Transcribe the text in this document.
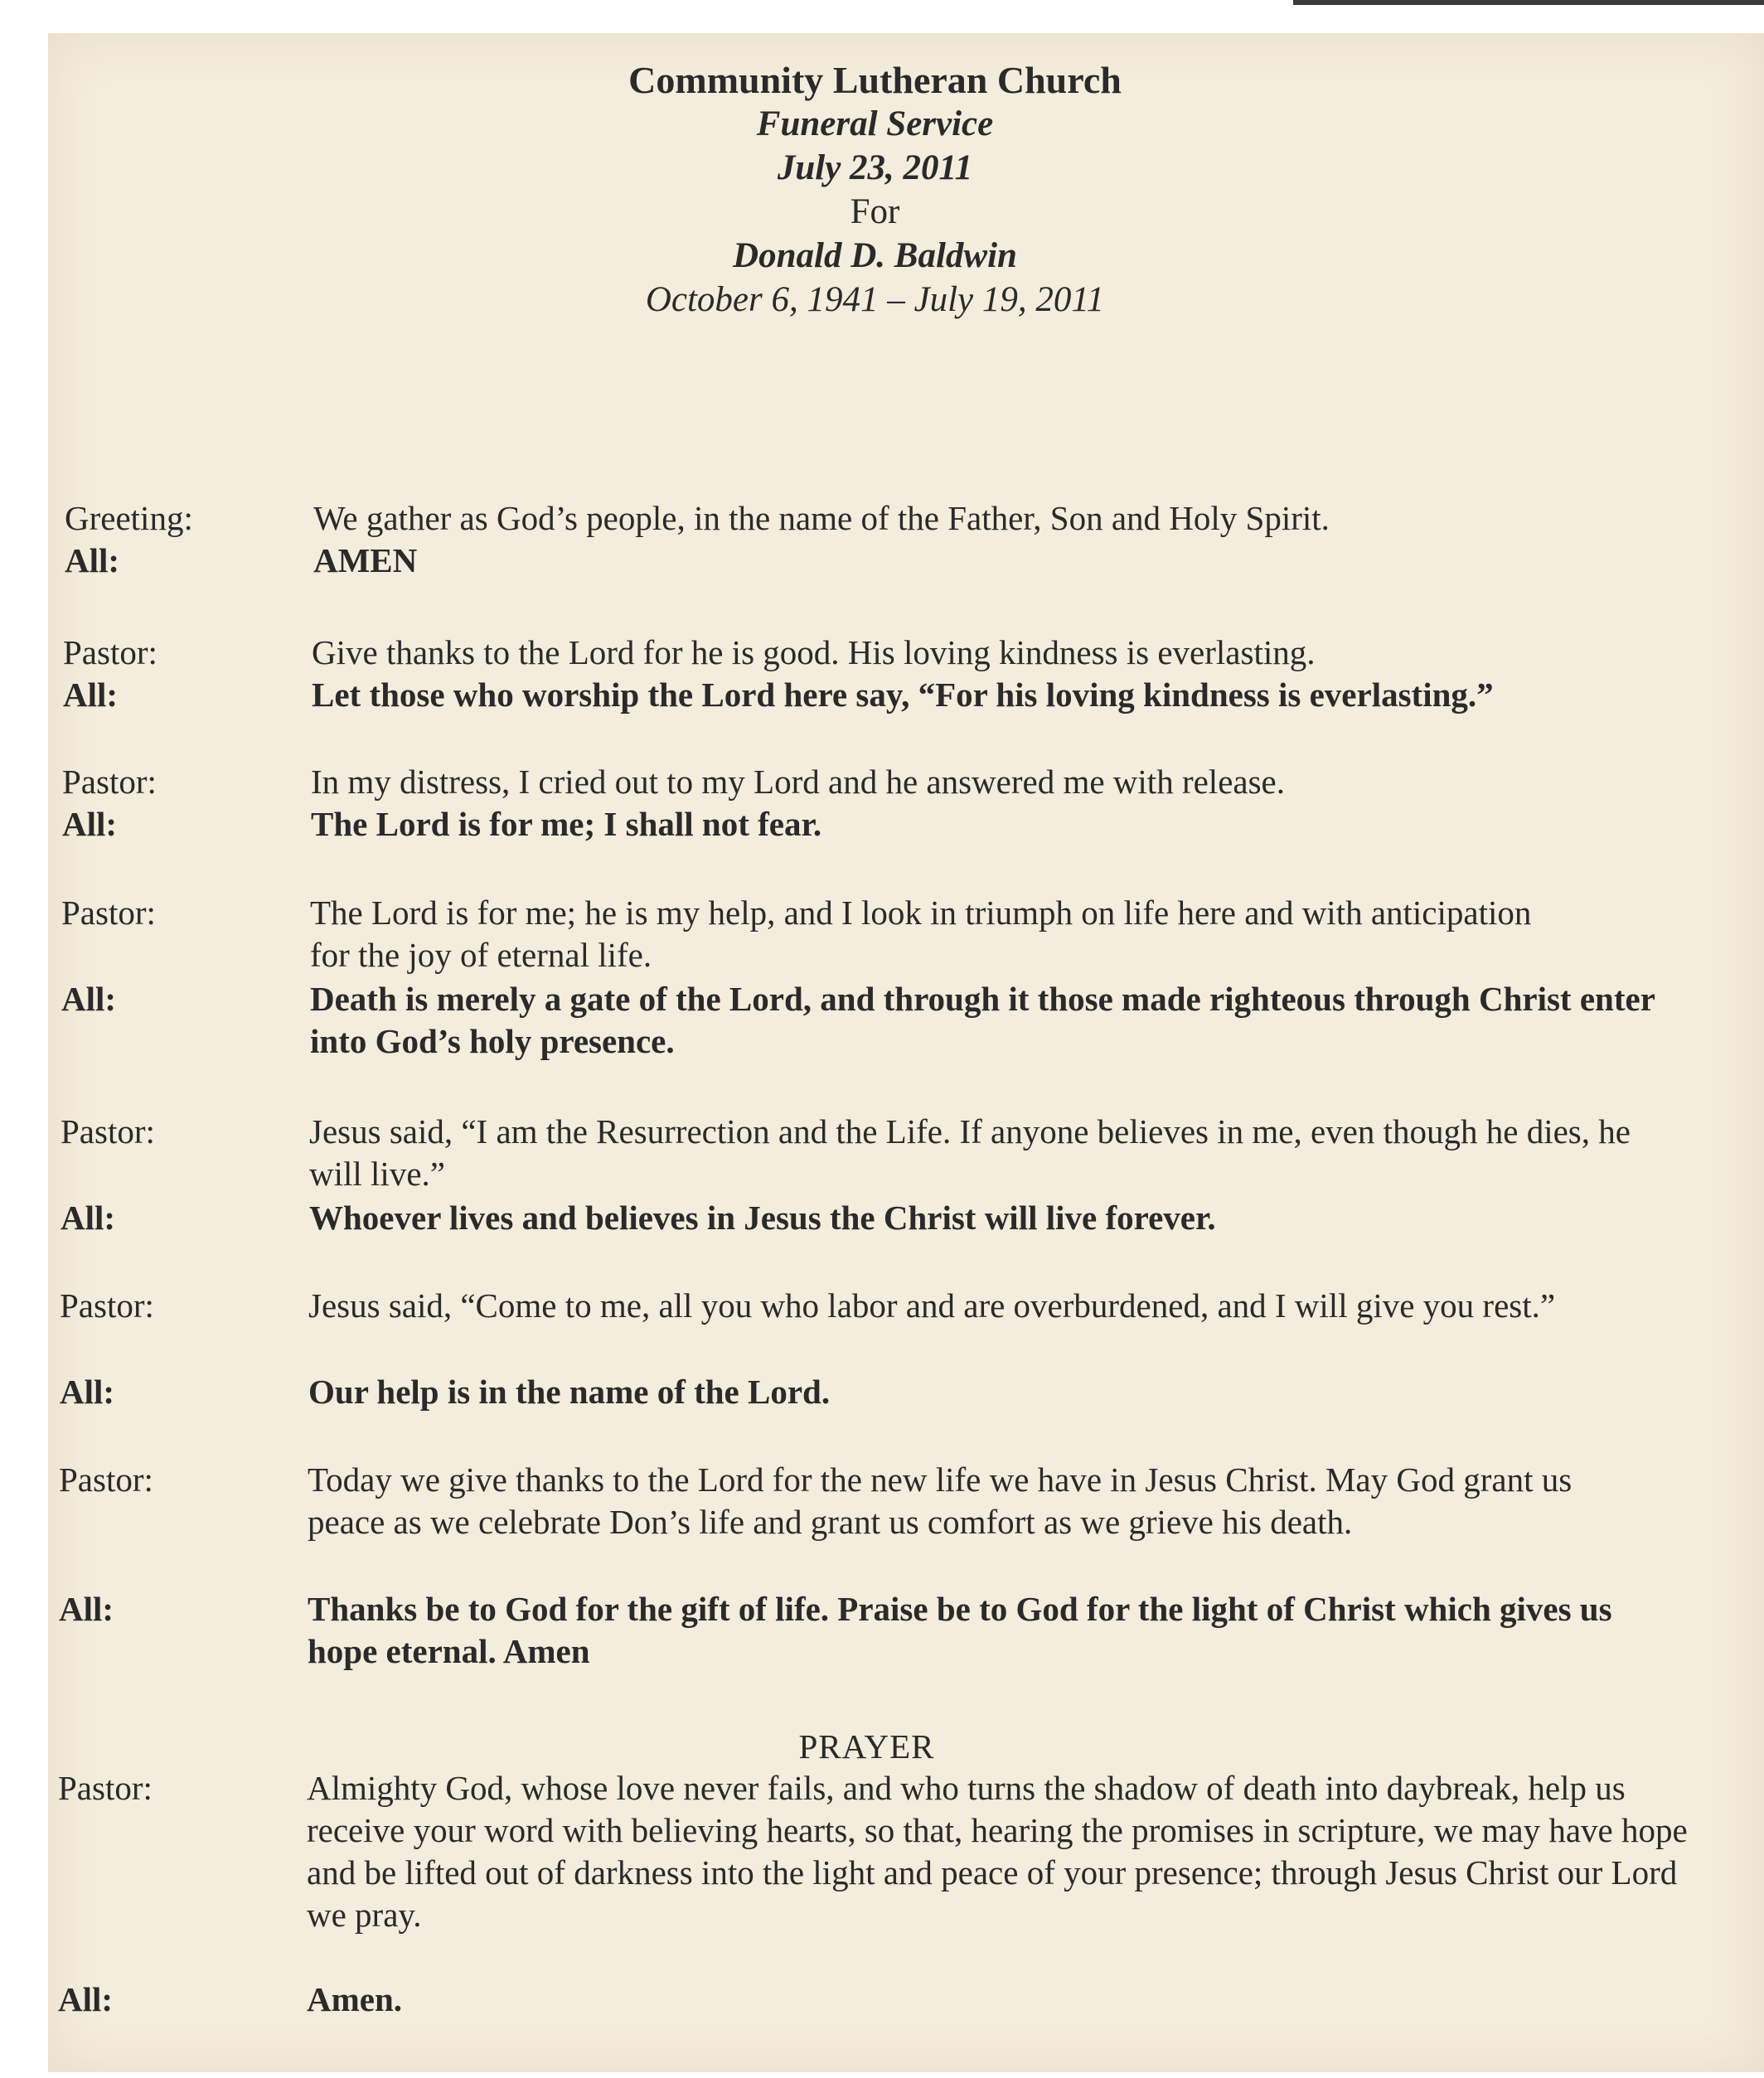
Community Lutheran Church
Funeral Service
July 23, 2011
For
Donald D. Baldwin
October 6, 1941 – July 19, 2011
Greeting:	We gather as God’s people, in the name of the Father, Son and Holy Spirit.
All:	AMEN
Pastor:	Give thanks to the Lord for he is good. His loving kindness is everlasting.
All:	Let those who worship the Lord here say, “For his loving kindness is everlasting.”
Pastor:	In my distress, I cried out to my Lord and he answered me with release.
All:	The Lord is for me; I shall not fear.
Pastor:	The Lord is for me; he is my help, and I look in triumph on life here and with anticipation for the joy of eternal life.
All:	Death is merely a gate of the Lord, and through it those made righteous through Christ enter into God’s holy presence.
Pastor:	Jesus said, “I am the Resurrection and the Life. If anyone believes in me, even though he dies, he will live.”
All:	Whoever lives and believes in Jesus the Christ will live forever.
Pastor:	Jesus said, “Come to me, all you who labor and are overburdened, and I will give you rest.”
All:	Our help is in the name of the Lord.
Pastor:	Today we give thanks to the Lord for the new life we have in Jesus Christ. May God grant us peace as we celebrate Don’s life and grant us comfort as we grieve his death.
All:	Thanks be to God for the gift of life. Praise be to God for the light of Christ which gives us hope eternal. Amen
PRAYER
Pastor:	Almighty God, whose love never fails, and who turns the shadow of death into daybreak, help us receive your word with believing hearts, so that, hearing the promises in scripture, we may have hope and be lifted out of darkness into the light and peace of your presence; through Jesus Christ our Lord we pray.
All:	Amen.
